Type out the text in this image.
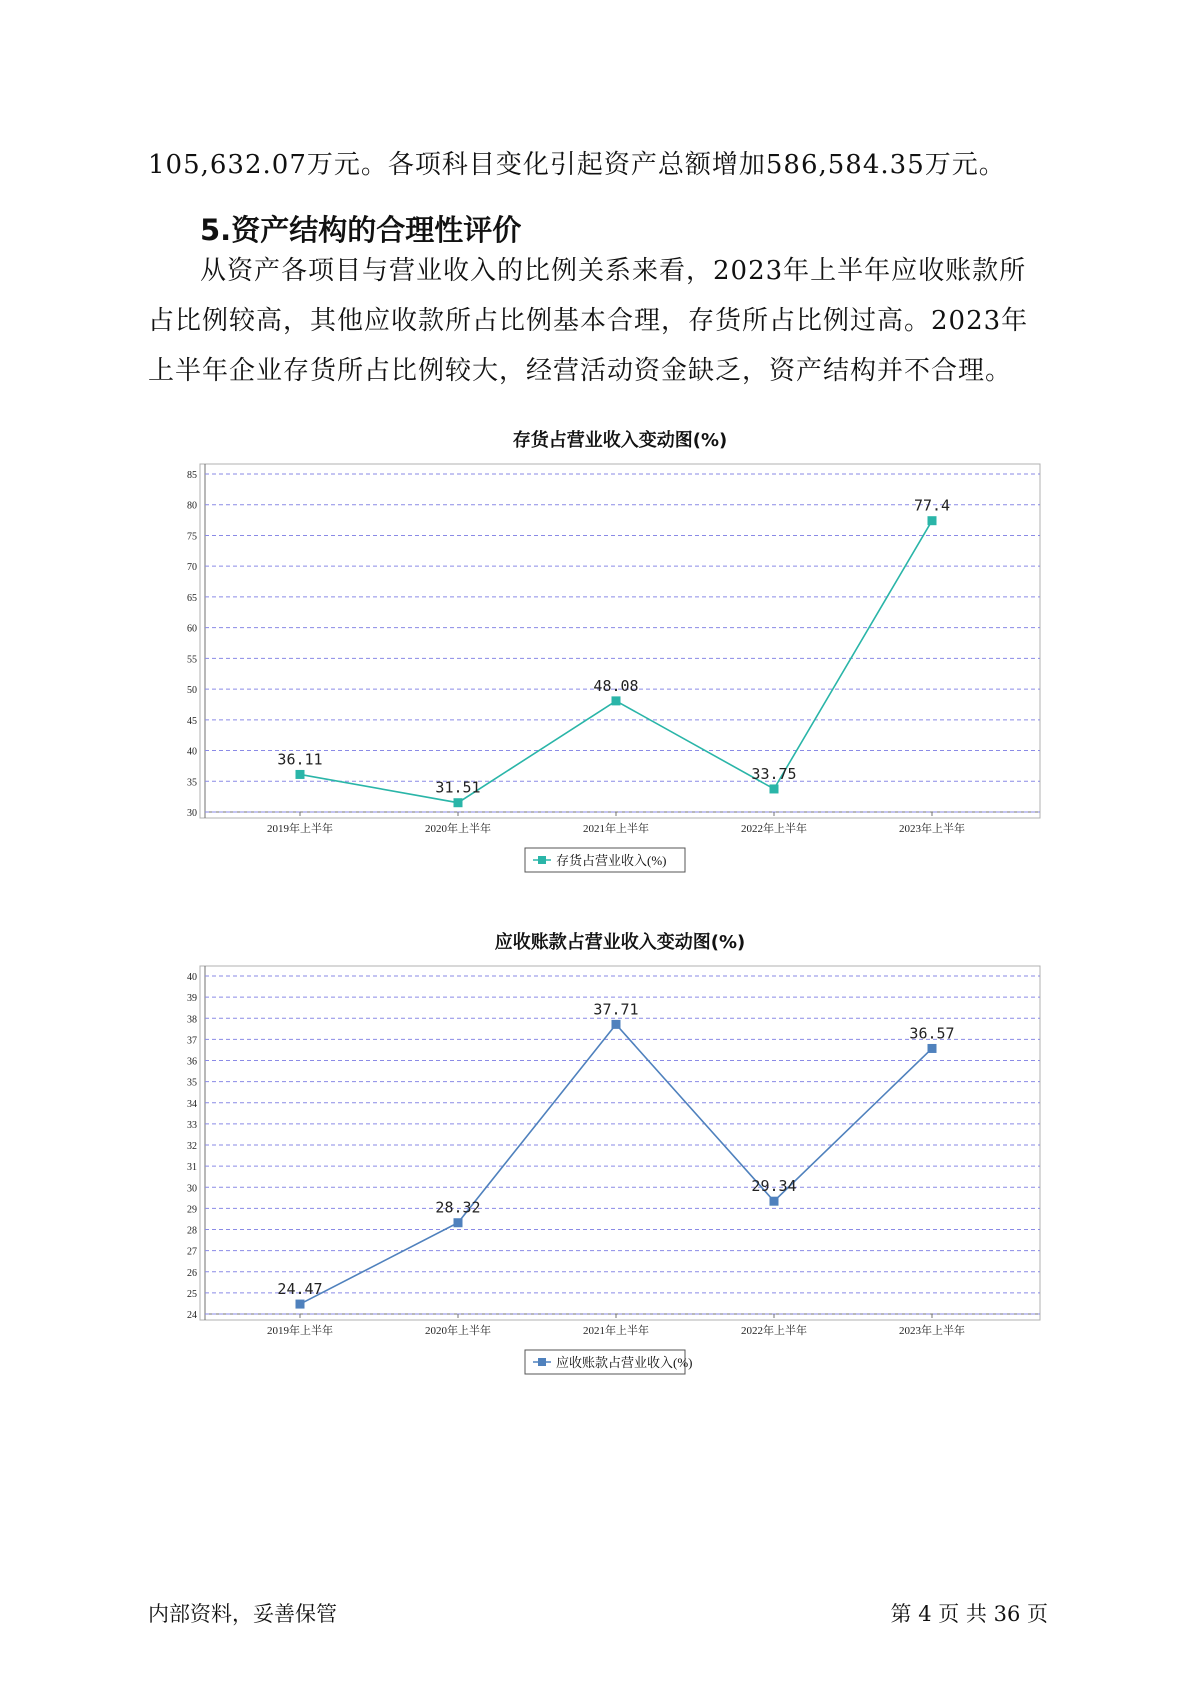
105,632.07万元。各项科目变化引起资产总额增加586,584.35万元。

5.资产结构的合理性评价

从资产各项目与营业收入的比例关系来看，2023年上半年应收账款所占比例较高，其他应收款所占比例基本合理，存货所占比例过高。2023年上半年企业存货所占比例较大，经营活动资金缺乏，资产结构并不合理。

存货占营业收入变动图(%)
30
35
40
45
50
55
60
65
70
75
80
85
2019年上半年	2020年上半年	2021年上半年	2022年上半年	2023年上半年
36.11
31.51
48.08
33.75
77.4
存货占营业收入(%)
应收账款占营业收入变动图(%)
24
25
26
27
28
29
30
31
32
33
34
35
36
37
38
39
40
2019年上半年	2020年上半年	2021年上半年	2022年上半年	2023年上半年
24.47
28.32
37.71
29.34
36.57
应收账款占营业收入(%)

内部资料，妥善保管	第 4 页 共 36 页
